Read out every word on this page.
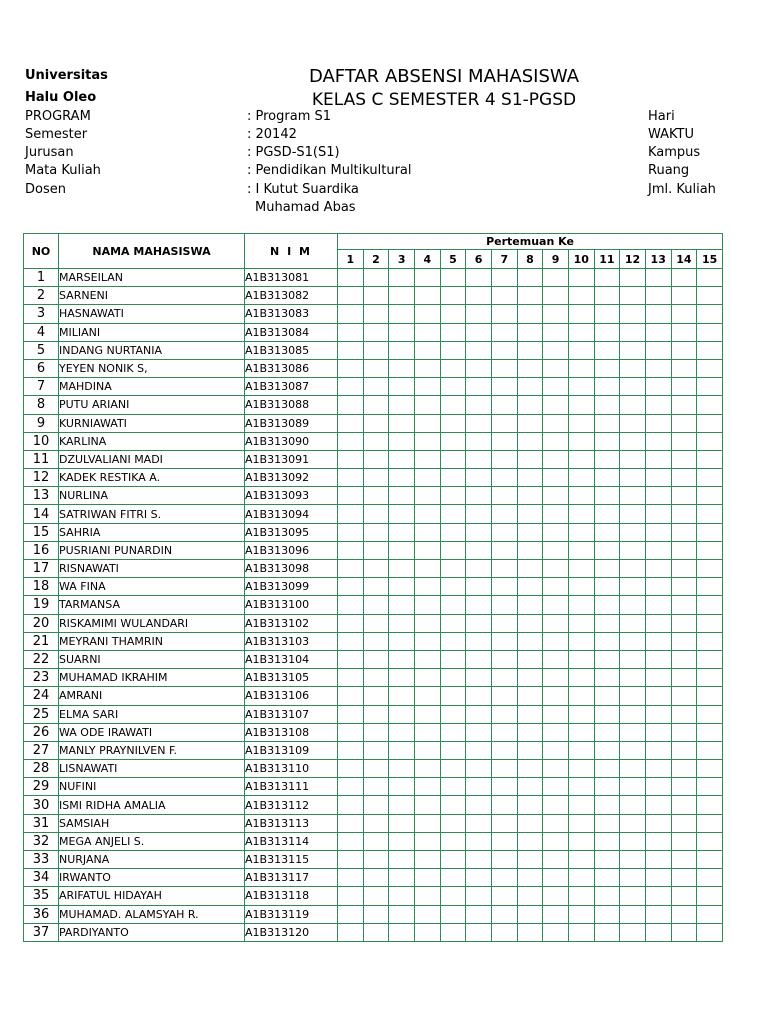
Universitas
Halu Oleo
DAFTAR ABSENSI MAHASISWA
KELAS C SEMESTER 4 S1-PGSD
PROGRAM	: Program S1
Semester	: 20142
Jurusan	: PGSD-S1(S1)
Mata Kuliah	: Pendidikan Multikultural
Dosen	: I Kutut Suardika
Muhamad Abas
Hari
WAKTU
Kampus
Ruang
Jml. Kuliah
NO	NAMA MAHASISWA	N I M	Pertemuan Ke														
			1	2	3	4	5	6	7	8	9	10	11	12	13	14	15
1	MARSEILAN	A1B313081															
2	SARNENI	A1B313082															
3	HASNAWATI	A1B313083															
4	MILIANI	A1B313084															
5	INDANG NURTANIA	A1B313085															
6	YEYEN NONIK S,	A1B313086															
7	MAHDINA	A1B313087															
8	PUTU ARIANI	A1B313088															
9	KURNIAWATI	A1B313089															
10	KARLINA	A1B313090															
11	DZULVALIANI MADI	A1B313091															
12	KADEK RESTIKA A.	A1B313092															
13	NURLINA	A1B313093															
14	SATRIWAN FITRI S.	A1B313094															
15	SAHRIA	A1B313095															
16	PUSRIANI PUNARDIN	A1B313096															
17	RISNAWATI	A1B313098															
18	WA FINA	A1B313099															
19	TARMANSA	A1B313100															
20	RISKAMIMI WULANDARI	A1B313102															
21	MEYRANI THAMRIN	A1B313103															
22	SUARNI	A1B313104															
23	MUHAMAD IKRAHIM	A1B313105															
24	AMRANI	A1B313106															
25	ELMA SARI	A1B313107															
26	WA ODE IRAWATI	A1B313108															
27	MANLY PRAYNILVEN F.	A1B313109															
28	LISNAWATI	A1B313110															
29	NUFINI	A1B313111															
30	ISMI RIDHA AMALIA	A1B313112															
31	SAMSIAH	A1B313113															
32	MEGA ANJELI S.	A1B313114															
33	NURJANA	A1B313115															
34	IRWANTO	A1B313117															
35	ARIFATUL HIDAYAH	A1B313118															
36	MUHAMAD. ALAMSYAH R.	A1B313119															
37	PARDIYANTO	A1B313120															
